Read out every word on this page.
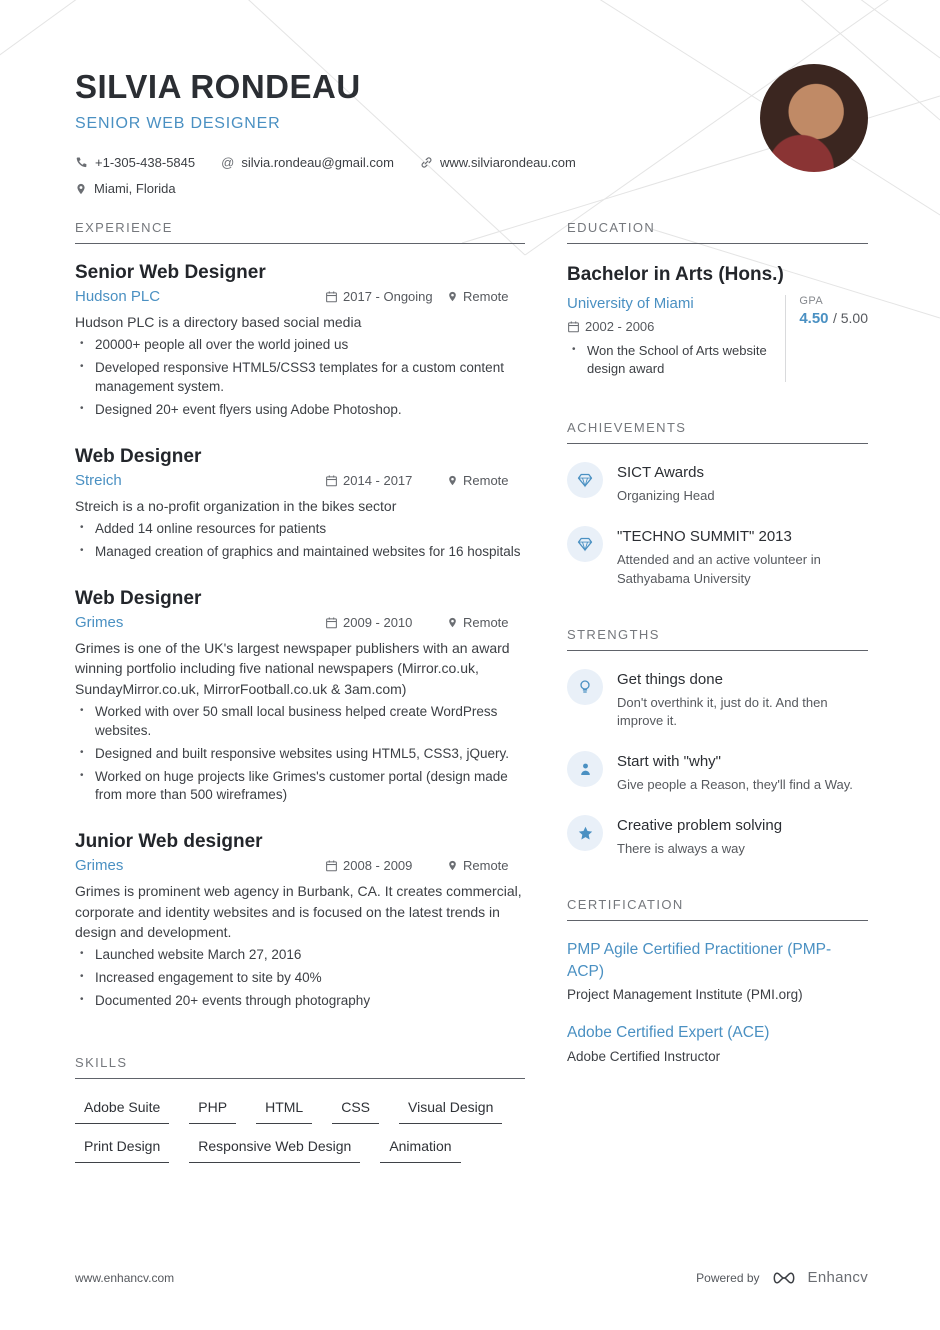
SILVIA RONDEAU
SENIOR WEB DESIGNER
+1-305-438-5845 @ silvia.rondeau@gmail.com	www.silviarondeau.com
Miami, Florida
EXPERIENCE
Senior Web Designer
Hudson PLC	2017 - Ongoing Remote

Hudson PLC is a directory based social media

• 20000+ people all over the world joined us
• Developed responsive HTML5/CSS3 templates for a custom content management system.
• Designed 20+ event flyers using Adobe Photoshop.
Web Designer
Streich	2014 - 2017	Remote

Streich is a no-profit organization in the bikes sector

• Added 14 online resources for patients
• Managed creation of graphics and maintained websites for 16 hospitals
Web Designer
Grimes	2009 - 2010	Remote

Grimes is one of the UK's largest newspaper publishers with an award winning portfolio including five national newspapers (Mirror.co.uk, SundayMirror.co.uk, MirrorFootball.co.uk & 3am.com)

• Worked with over 50 small local business helped create WordPress websites.
• Designed and built responsive websites using HTML5, CSS3, jQuery.
• Worked on huge projects like Grimes's customer portal (design made from more than 500 wireframes)
Junior Web designer
Grimes	2008 - 2009	Remote

Grimes is prominent web agency in Burbank, CA. It creates commercial, corporate and identity websites and is focused on the latest trends in design and development.

• Launched website March 27, 2016
• Increased engagement to site by 40%
• Documented 20+ events through photography
SKILLS
Adobe Suite	PHP	HTML	CSS	Visual Design
Print Design	Responsive Web Design	Animation
EDUCATION
Bachelor in Arts (Hons.)
University of Miami
2002 - 2006
• Won the School of Arts website design award
GPA
4.50 / 5.00
ACHIEVEMENTS
SICT Awards
Organizing Head
"TECHNO SUMMIT" 2013
Attended and an active volunteer in Sathyabama University
STRENGTHS
Get things done
Don't overthink it, just do it. And then improve it.
Start with "why"
Give people a Reason, they'll find a Way.
Creative problem solving
There is always a way
CERTIFICATION
PMP Agile Certified Practitioner (PMP-ACP)
Project Management Institute (PMI.org)
Adobe Certified Expert (ACE)
Adobe Certified Instructor
www.enhancv.com	Powered by	Enhancv
